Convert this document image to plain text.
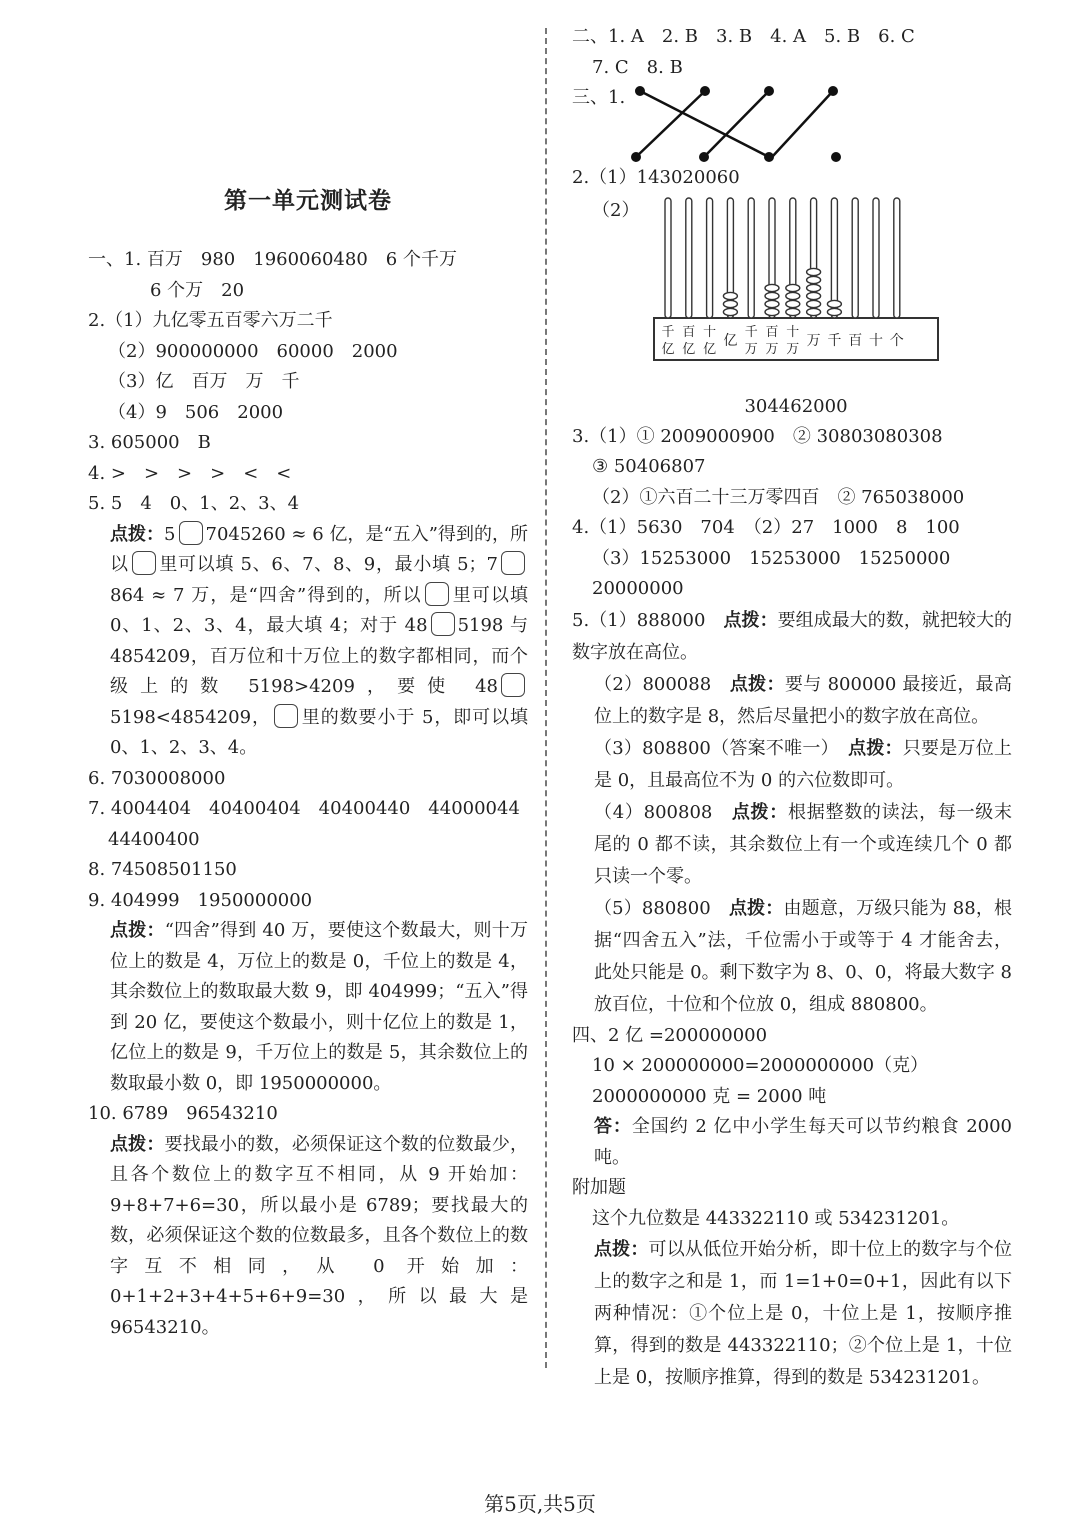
第一单元测试卷
一、1. 百万　980　1960060480　6 个千万
6 个万　20
2.（1）九亿零五百零六万二千
（2）900000000　60000　2000
（3）亿　百万　万　千
（4）9　506　2000
3. 605000　B
4. >　>　>　>　<　<
5. 5　4　0、1、2、3、4
点拨：5 7045260 ≈ 6 亿，是“五入”得到的，所以 里可以填 5、6、7、8、9，最小填 5；7864 ≈ 7 万，是“四舍”得到的，所以 里可以填 0、1、2、3、4，最大填 4；对于 48 5198 与 4854209，百万位和十万位上的数字都相同，而个级上的数 5198>4209，要使 485198<4854209， 里的数要小于 5，即可以填 0、1、2、3、4。
6. 7030008000
7. 4004404　40400404　40400440　44000044
44400400
8. 74508501150
9. 404999　1950000000
点拨：“四舍”得到 40 万，要使这个数最大，则十万位上的数是 4，万位上的数是 0，千位上的数是 4，其余数位上的数取最大数 9，即 404999；“五入”得到 20 亿，要使这个数最小，则十亿位上的数是 1，亿位上的数是 9，千万位上的数是 5，其余数位上的数取最小数 0，即 1950000000。
10. 6789　96543210
点拨：要找最小的数，必须保证这个数的位数最少，且各个数位上的数字互不相同，从 9 开始加：9+8+7+6=30，所以最小是 6789；要找最大的数，必须保证这个数的位数最多，且各个数位上的数字互不相同，从 0 开始加：0+1+2+3+4+5+6+9=30，所以最大是 96543210。
二、1. A　2. B　3. B　4. A　5. B　6. C
7. C　8. B
三、1.
2.（1）143020060
（2）
千
亿
百
亿
十
亿
亿
千
万
百
万
十
万
万 千 百 十 个
304462000
3.（1）① 2009000900　② 30803080308
③ 50406807
（2）①六百二十三万零四百　② 765038000
4.（1）5630　704　（2）27　1000　8　100
（3）15253000　15253000　15250000
20000000
5.（1）888000　 点拨：要组成最大的数，就把较大的数字放在高位。
（2）800088　 点拨：要与 800000 最接近，最高位上的数字是 8，然后尽量把小的数字放在高位。
（3）808800（答案不唯一）　 点拨：只要是万位上是 0，且最高位不为 0 的六位数即可。
（4）800808　 点拨：根据整数的读法，每一级末尾的 0 都不读，其余数位上有一个或连续几个 0 都只读一个零。
（5）880800　 点拨：由题意，万级只能为 88，根据“四舍五入”法，千位需小于或等于 4 才能舍去，此处只能是 0。剩下数字为 8、0、0，将最大数字 8 放百位，十位和个位放 0，组成 880800。
四、2 亿 =200000000
10 × 200000000=2000000000（克）
2000000000 克 = 2000 吨
答：全国约 2 亿中小学生每天可以节约粮食 2000 吨。
附加题
这个九位数是 443322110 或 534231201。
点拨：可以从低位开始分析，即十位上的数字与个位上的数字之和是 1，而 1=1+0=0+1，因此有以下两种情况：①个位上是 0，十位上是 1，按顺序推算，得到的数是 443322110；②个位上是 1，十位上是 0，按顺序推算，得到的数是 534231201。
第5页,共5页
